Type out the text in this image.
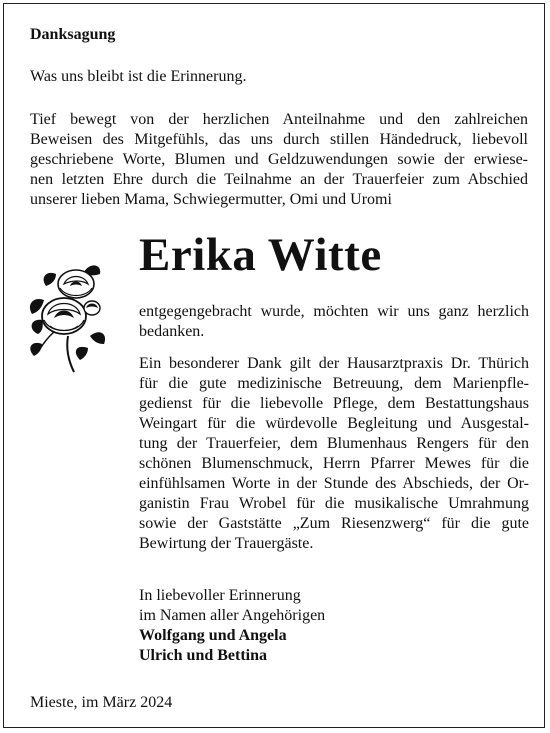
Danksagung
Was uns bleibt ist die Erinnerung.
Tief bewegt von der herzlichen Anteilnahme und den zahlreichen
Beweisen des Mitgefühls, das uns durch stillen Händedruck, liebevoll
geschriebene Worte, Blumen und Geldzuwendungen sowie der erwiese-
nen letzten Ehre durch die Teilnahme an der Trauerfeier zum Abschied
unserer lieben Mama, Schwiegermutter, Omi und Uromi
Erika Witte
entgegengebracht wurde, möchten wir uns ganz herzlich
bedanken.
Ein besonderer Dank gilt der Hausarztpraxis Dr. Thürich
für die gute medizinische Betreuung, dem Marienpfle-
gedienst für die liebevolle Pflege, dem Bestattungshaus
Weingart für die würdevolle Begleitung und Ausgestal-
tung der Trauerfeier, dem Blumenhaus Rengers für den
schönen Blumenschmuck, Herrn Pfarrer Mewes für die
einfühlsamen Worte in der Stunde des Abschieds, der Or-
ganistin Frau Wrobel für die musikalische Umrahmung
sowie der Gaststätte „Zum Riesenzwerg“ für die gute
Bewirtung der Trauergäste.
In liebevoller Erinnerung
im Namen aller Angehörigen
Wolfgang und Angela
Ulrich und Bettina
Mieste, im März 2024
